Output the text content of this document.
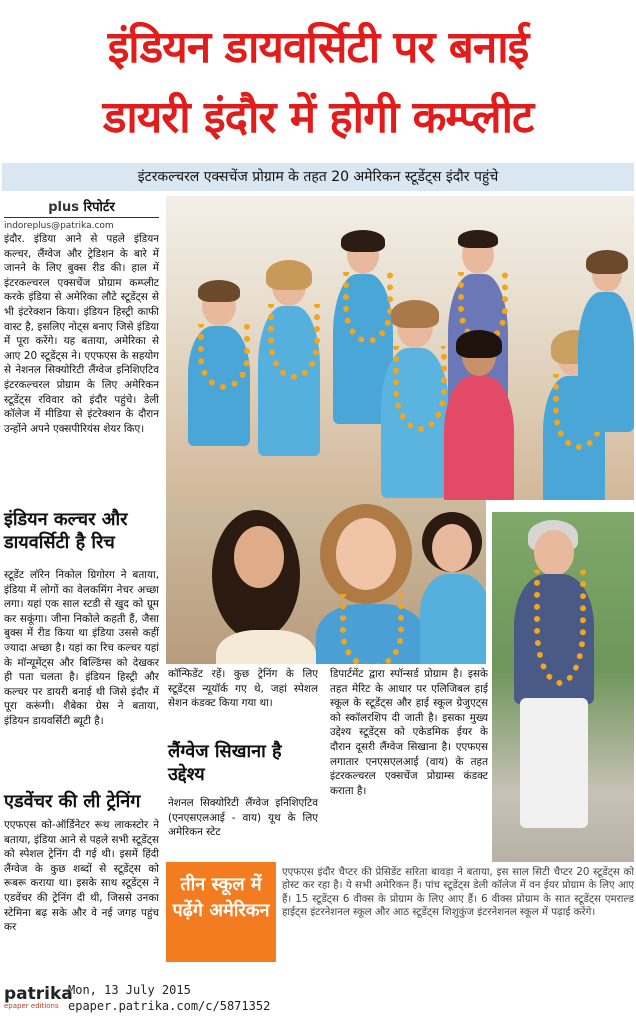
इंडियन डायवर्सिटी पर बनाई
डायरी इंदौर में होगी कम्प्लीट
इंटरकल्चरल एक्सचेंज प्रोग्राम के तहत 20 अमेरिकन स्टूडेंट्स इंदौर पहुंचे
plus रिपोर्टर
indoreplus@patrika.com
इंदौर. इंडिया आने से पहले इंडियन कल्चर, लैंग्वेज और ट्रेडिशन के बारे में जानने के लिए बुक्स रीड की। हाल में इंटरकल्चरल एक्सचेंज प्रोग्राम कम्प्लीट करके इंडिया से अमेरिका लौटे स्टूडेंट्स से भी इंटरेक्शन किया। इंडियन हिस्ट्री काफी वास्ट है, इसलिए नोट्स बनाए जिसे इंडिया में पूरा करेंगे। यह बताया, अमेरिका से आए 20 स्टूडेंट्स ने। एएफएस के सहयोग से नेशनल सिक्योरिटी लैंग्वेज इनिशिएटिव इंटरकल्चरल प्रोग्राम के लिए अमेरिकन स्टूडेंट्स रविवार को इंदौर पहुंचे। डेली कॉलेज में मीडिया से इंटरेक्शन के दौरान उन्होंने अपने एक्सपीरियंस शेयर किए।
इंडियन कल्चर और डायवर्सिटी है रिच
स्टूडेंट लॉरेन निकोल ग्रिगोरग ने बताया, इंडिया में लोगों का वेलकमिंग नेचर अच्छा लगा। यहां एक साल स्टडी से खुद को ग्रूम कर सकूंगा। जीना निकोले कहती हैं, जैसा बुक्स में रीड किया था इंडिया उससे कहीं ज्यादा अच्छा है। यहां का रिच कल्चर यहां के मॉन्यूमेंट्स और बिल्डिंग्स को देखकर ही पता चलता है। इंडियन हिस्ट्री और कल्चर पर डायरी बनाई थी जिसे इंदौर में पूरा करूंगी। शैबेका ग्रेस ने बताया, इंडियन डायवर्सिटी ब्यूटी है।
एडवेंचर की ली ट्रेनिंग
एएफएस को-ऑर्डिनेटर रूथ लाकस्टोर ने बताया, इंडिया आने से पहले सभी स्टूडेंट्स को स्पेशल ट्रेनिंग दी गई थी। इसमें हिंदी लैंग्वेज के कुछ शब्दों से स्टूडेंट्स को रूबरू कराया था। इसके साथ स्टूडेंट्स ने एडवेंचर की ट्रेनिंग दी थी, जिससे उनका स्टेमिना बढ़ सके और वे नई जगह पहुंच कर
कॉन्फिडेंट रहें। कुछ ट्रेनिंग के लिए स्टूडेंट्स न्यूयॉर्क गए थे, जहां स्पेशल सेशन कंडक्ट किया गया था।
लैंग्वेज सिखाना है उद्देश्य
नेशनल सिक्योरिटी लैंग्वेज इनिशिएटिव (एनएसएलआई - वाय) यूथ के लिए अमेरिकन स्टेट
डिपार्टमेंट द्वारा स्पॉन्सर्ड प्रोग्राम है। इसके तहत मेरिट के आधार पर एलिजिबल हाई स्कूल के स्टूडेंट्स और हाई स्कूल ग्रेजुएट्स को स्कॉलरशिप दी जाती है। इसका मुख्य उद्देश्य स्टूडेंट्स को एकेडमिक ईयर के दौरान दूसरी लैंग्वेज सिखाना है। एएफएस लगातार एनएसएलआई (वाय) के तहत इंटरकल्चरल एक्सचेंज प्रोग्राम्स कंडक्ट कराता है।
तीन स्कूल में पढ़ेंगे अमेरिकन
एएफएस इंदौर चैप्टर की प्रेसिडेंट सरिता बावड़ा ने बताया, इस साल सिटी चैप्टर 20 स्टूडेंट्स को होस्ट कर रहा है। ये सभी अमेरिकन हैं। पांच स्टूडेंट्स डेली कॉलेज में वन ईयर प्रोग्राम के लिए आए हैं। 15 स्टूडेंट्स 6 वीक्स के प्रोग्राम के लिए आए हैं। 6 वीक्स प्रोग्राम के सात स्टूडेंट्स एमराल्ड हाईट्स इंटरनेशनल स्कूल और आठ स्टूडेंट्स शिशुकुंज इंटरनेशनल स्कूल में पढ़ाई करेंगे।
patrika
epaper editions
Mon, 13 July 2015
epaper.patrika.com/c/5871352
